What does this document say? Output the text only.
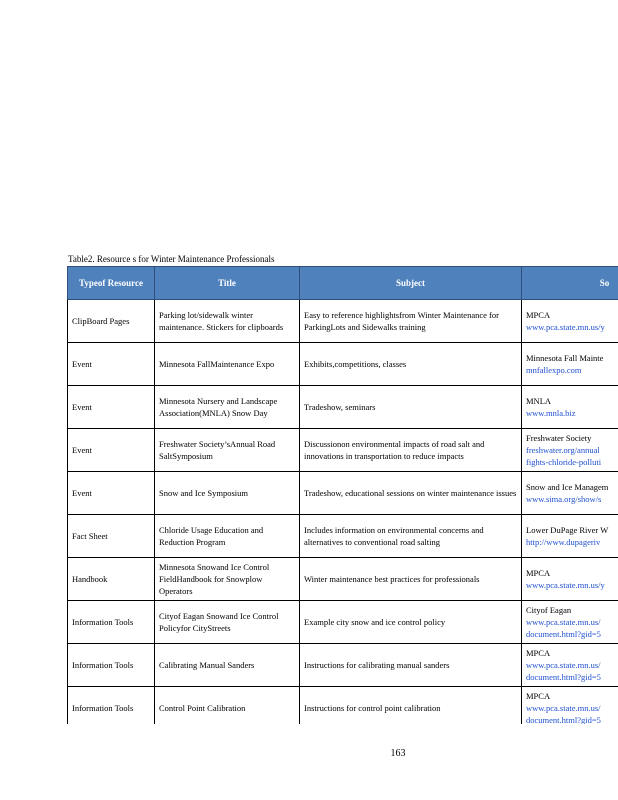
Table2. Resource s for Winter Maintenance Professionals
Typeof Resource	Title	Subject	So
ClipBoard Pages	Parking lot/sidewalk winter maintenance. Stickers for clipboards	Easy to reference highlightsfrom Winter Maintenance for ParkingLots and Sidewalks training	MPCA
www.pca.state.mn.us/y

Event	Minnesota FallMaintenance Expo	Exhibits,competitions, classes	Minnesota Fall Mainte
mnfallexpo.com

Event	Minnesota Nursery and Landscape Association(MNLA) Snow Day	Tradeshow, seminars	MNLA
www.mnla.biz

Event	Freshwater Society’sAnnual Road SaltSymposium	Discussionon environmental impacts of road salt and innovations in transportation to reduce impacts	Freshwater Society
freshwater.org/annual
fights-chloride-polluti

Event	Snow and Ice Symposium	Tradeshow, educational sessions on winter maintenance issues	Snow and Ice Managem
www.sima.org/show/s

Fact Sheet	Chloride Usage Education and Reduction Program	Includes information on environmental concerns and alternatives to conventional road salting	Lower DuPage River W
http://www.dupageriv

Handbook	Minnesota Snowand Ice Control FieldHandbook for Snowplow Operators	Winter maintenance best practices for professionals	MPCA
www.pca.state.mn.us/y

Information Tools	Cityof Eagan Snowand Ice Control Policyfor CityStreets	Example city snow and ice control policy	Cityof Eagan
www.pca.state.mn.us/
document.html?gid=5

Information Tools	Calibrating Manual Sanders	Instructions for calibrating manual sanders	MPCA
www.pca.state.mn.us/
document.html?gid=5

Information Tools	Control Point Calibration	Instructions for control point calibration	MPCA
www.pca.state.mn.us/
document.html?gid=5
163
